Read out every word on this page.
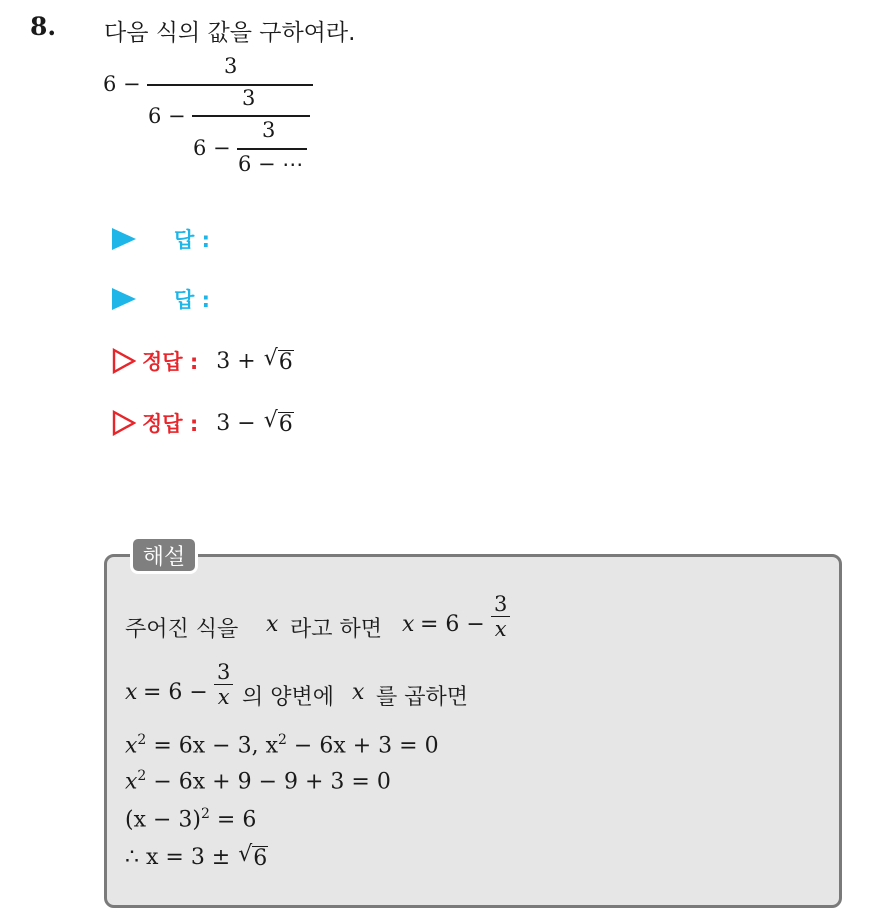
8. 다음 식의 값을 구하여라.
6 −
3
6 −
3
6 −
3
6 − ⋯
답 :
답 :
정답 : 3 + √ 6
정답 : 3 − √ 6
해설
주어진 식을 x 라고 하면 $x = 6 - \frac{3}{x}$
$x = 6 - \frac{3}{x}$ 의 양변에 x 를 곱하면
$x^2 = 6x - 3$, $x^2 - 6x + 3 = 0$
$x^2 - 6x + 9 - 9 + 3 = 0$
$(x - 3)^2 = 6$
∴ x = 3 ± √ 6
